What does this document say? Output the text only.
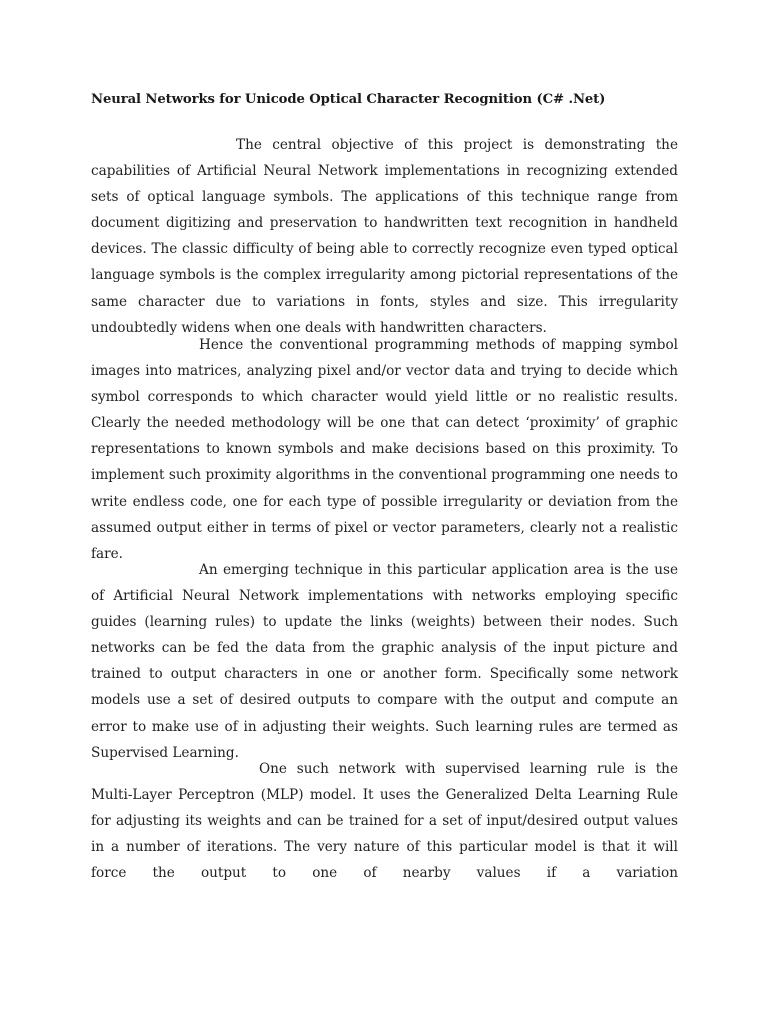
Neural Networks for Unicode Optical Character Recognition (C# .Net)

The central objective of this project is demonstrating the capabilities of Artificial Neural Network implementations in recognizing extended sets of optical language symbols. The applications of this technique range from document digitizing and preservation to handwritten text recognition in handheld devices. The classic difficulty of being able to correctly recognize even typed optical language symbols is the complex irregularity among pictorial representations of the same character due to variations in fonts, styles and size. This irregularity undoubtedly widens when one deals with handwritten characters.

Hence the conventional programming methods of mapping symbol images into matrices, analyzing pixel and/or vector data and trying to decide which symbol corresponds to which character would yield little or no realistic results. Clearly the needed methodology will be one that can detect ‘proximity’ of graphic representations to known symbols and make decisions based on this proximity. To implement such proximity algorithms in the conventional programming one needs to write endless code, one for each type of possible irregularity or deviation from the assumed output either in terms of pixel or vector parameters, clearly not a realistic fare.

An emerging technique in this particular application area is the use of Artificial Neural Network implementations with networks employing specific guides (learning rules) to update the links (weights) between their nodes. Such networks can be fed the data from the graphic analysis of the input picture and trained to output characters in one or another form. Specifically some network models use a set of desired outputs to compare with the output and compute an error to make use of in adjusting their weights. Such learning rules are termed as Supervised Learning.

One such network with supervised learning rule is the Multi-Layer Perceptron (MLP) model. It uses the Generalized Delta Learning Rule for adjusting its weights and can be trained for a set of input/desired output values in a number of iterations. The very nature of this particular model is that it will force the output to one of nearby values if a variation
